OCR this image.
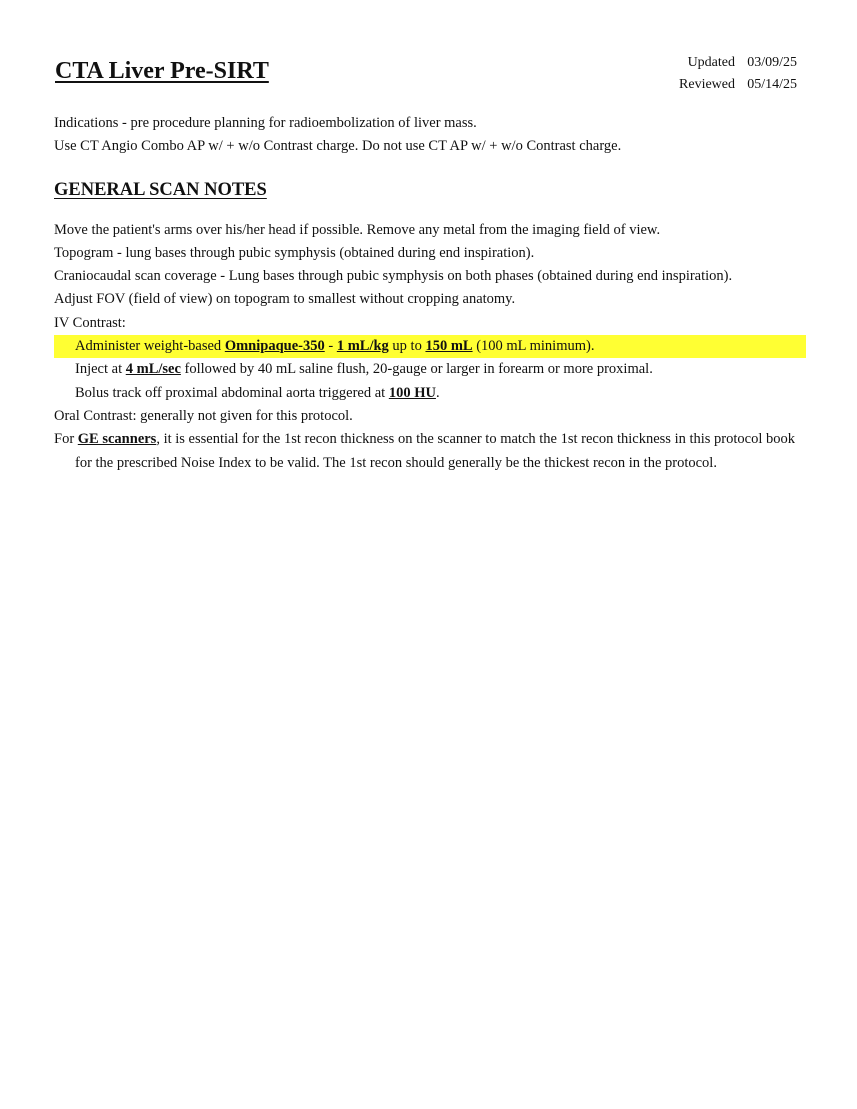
CTA Liver Pre-SIRT	Updated 03/09/25
Reviewed 05/14/25

Indications - pre procedure planning for radioembolization of liver mass.

Use CT Angio Combo AP w/ + w/o Contrast charge. Do not use CT AP w/ + w/o Contrast charge.

GENERAL SCAN NOTES

Move the patient's arms over his/her head if possible. Remove any metal from the imaging field of view.

Topogram - lung bases through pubic symphysis (obtained during end inspiration).

Craniocaudal scan coverage - Lung bases through pubic symphysis on both phases (obtained during end inspiration).

Adjust FOV (field of view) on topogram to smallest without cropping anatomy.

IV Contrast:

Administer weight-based Omnipaque-350 - 1 mL/kg up to 150 mL (100 mL minimum).

Inject at 4 mL/sec followed by 40 mL saline flush, 20-gauge or larger in forearm or more proximal.

Bolus track off proximal abdominal aorta triggered at 100 HU.

Oral Contrast: generally not given for this protocol.

For GE scanners, it is essential for the 1st recon thickness on the scanner to match the 1st recon thickness in this protocol book for the prescribed Noise Index to be valid. The 1st recon should generally be the thickest recon in the protocol.
